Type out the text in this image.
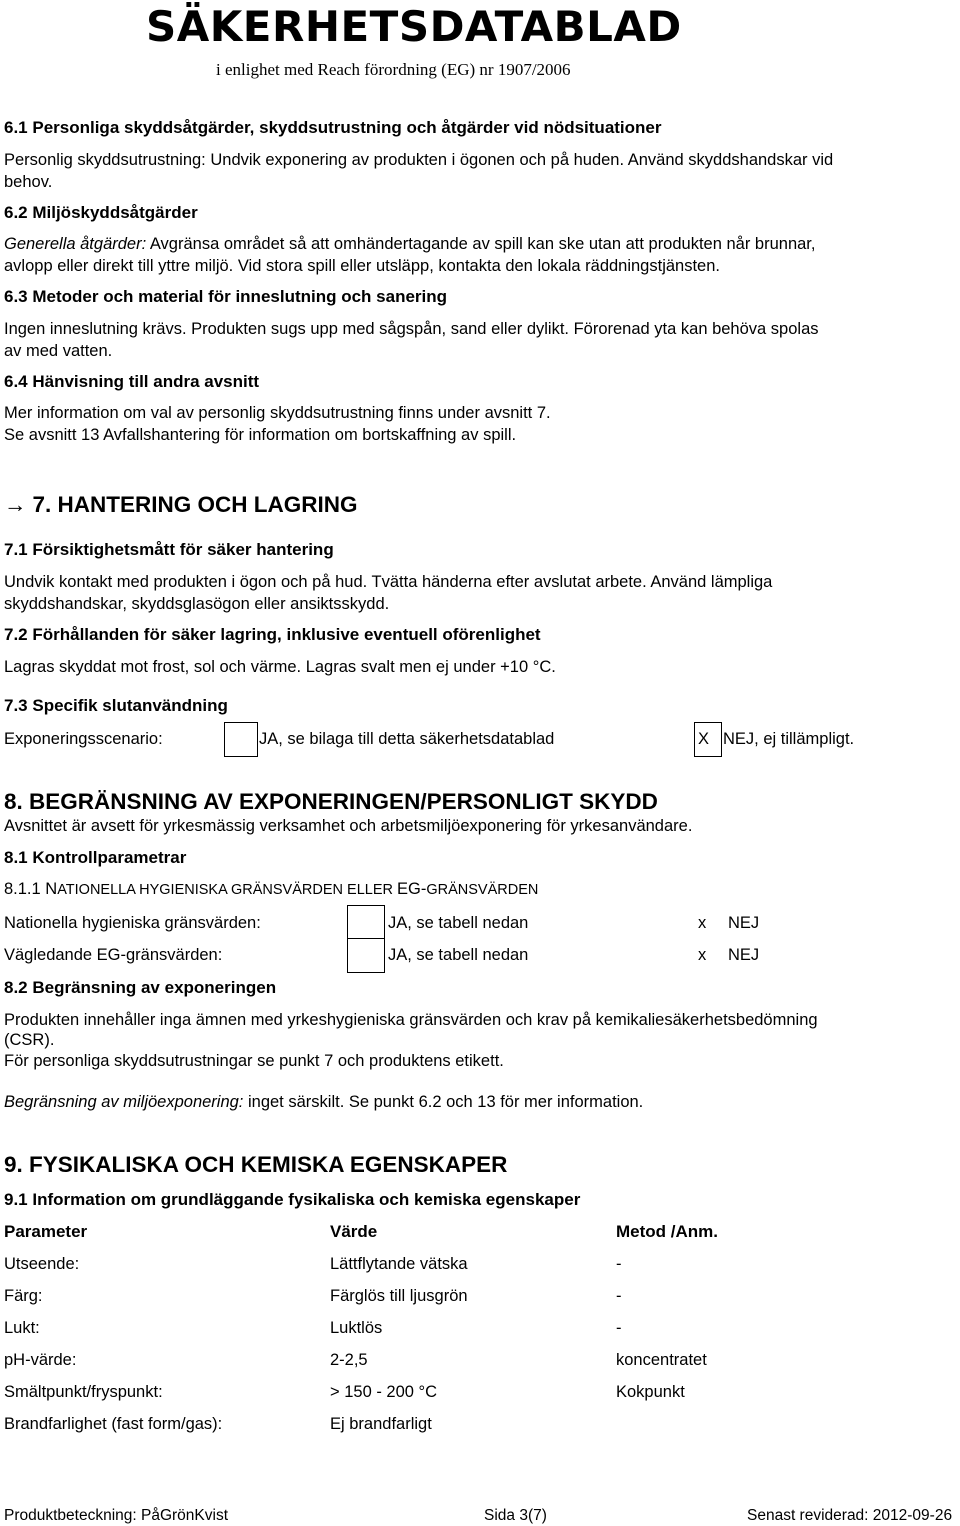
SÄKERHETSDATABLAD
i enlighet med Reach förordning (EG) nr 1907/2006
6.1 Personliga skyddsåtgärder, skyddsutrustning och åtgärder vid nödsituationer
Personlig skyddsutrustning: Undvik exponering av produkten i ögonen och på huden. Använd skyddshandskar vid
behov.
6.2 Miljöskyddsåtgärder
Generella åtgärder: Avgränsa området så att omhändertagande av spill kan ske utan att produkten når brunnar,
avlopp eller direkt till yttre miljö. Vid stora spill eller utsläpp, kontakta den lokala räddningstjänsten.
6.3 Metoder och material för inneslutning och sanering
Ingen inneslutning krävs. Produkten sugs upp med sågspån, sand eller dylikt. Förorenad yta kan behöva spolas
av med vatten.
6.4 Hänvisning till andra avsnitt
Mer information om val av personlig skyddsutrustning finns under avsnitt 7.
Se avsnitt 13 Avfallshantering för information om bortskaffning av spill.
→ 7. HANTERING OCH LAGRING
7.1 Försiktighetsmått för säker hantering
Undvik kontakt med produkten i ögon och på hud. Tvätta händerna efter avslutat arbete. Använd lämpliga
skyddshandskar, skyddsglasögon eller ansiktsskydd.
7.2 Förhållanden för säker lagring, inklusive eventuell oförenlighet
Lagras skyddat mot frost, sol och värme. Lagras svalt men ej under +10 °C.
7.3 Specifik slutanvändning
Exponeringsscenario:	JA, se bilaga till detta säkerhetsdatablad	X NEJ, ej tillämpligt.
8. BEGRÄNSNING AV EXPONERINGEN/PERSONLIGT SKYDD
Avsnittet är avsett för yrkesmässig verksamhet och arbetsmiljöexponering för yrkesanvändare.
8.1 Kontrollparametrar
8.1.1 NATIONELLA HYGIENISKA GRÄNSVÄRDEN ELLER EG-GRÄNSVÄRDEN
Nationella hygieniska gränsvärden:	JA, se tabell nedan	x NEJ
Vägledande EG-gränsvärden:	JA, se tabell nedan	x NEJ
8.2 Begränsning av exponeringen
Produkten innehåller inga ämnen med yrkeshygieniska gränsvärden och krav på kemikaliesäkerhetsbedömning
(CSR).
För personliga skyddsutrustningar se punkt 7 och produktens etikett.
Begränsning av miljöexponering: inget särskilt. Se punkt 6.2 och 13 för mer information.
9. FYSIKALISKA OCH KEMISKA EGENSKAPER
9.1 Information om grundläggande fysikaliska och kemiska egenskaper
Parameter	Värde	Metod /Anm.
Utseende:	Lättflytande vätska	-
Färg:	Färglös till ljusgrön	-
Lukt:	Luktlös	-
pH-värde:	2-2,5	koncentratet
Smältpunkt/fryspunkt:	> 150 - 200 °C	Kokpunkt
Brandfarlighet (fast form/gas):	Ej brandfarligt
Produktbeteckning: PåGrönKvist	Sida 3(7)	Senast reviderad: 2012-09-26
